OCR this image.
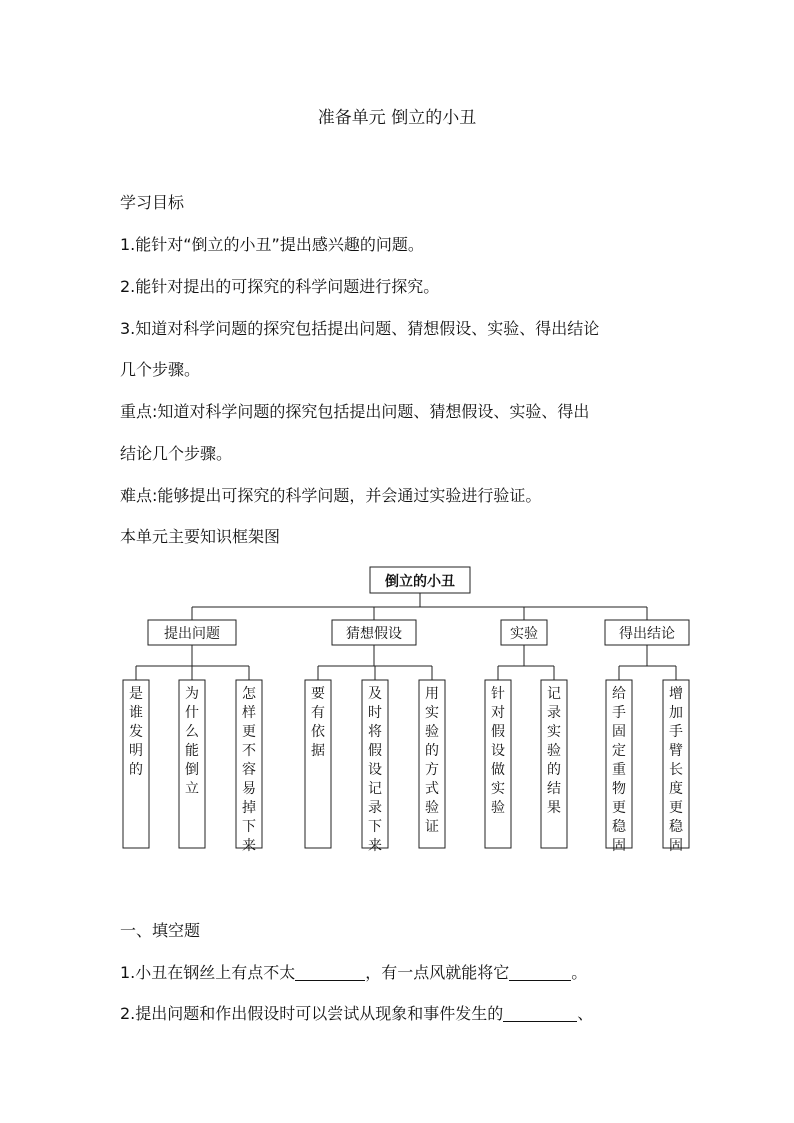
准备单元 倒立的小丑
学习目标
1.能针对“倒立的小丑”提出感兴趣的问题。
2.能针对提出的可探究的科学问题进行探究。
3.知道对科学问题的探究包括提出问题、猜想假设、实验、得出结论
几个步骤。
重点:知道对科学问题的探究包括提出问题、猜想假设、实验、得出
结论几个步骤。
难点:能够提出可探究的科学问题，并会通过实验进行验证。
本单元主要知识框架图
倒立的小丑
提出问题
是
谁
发
明
的
为
什
么
能
倒
立
怎
样
更
不
容
易
掉
下
来
猜想假设
要
有
依
据
及
时
将
假
设
记
录
下
来
用
实
验
的
方
式
验
证
实验
针
对
假
设
做
实
验
记
录
实
验
的
结
果
得出结论
给
手
固
定
重
物
更
稳
固
增
加
手
臂
长
度
更
稳
固
一、填空题
1.小丑在钢丝上有点不太	，有一点风就能将它	。
2.提出问题和作出假设时可以尝试从现象和事件发生的	、
